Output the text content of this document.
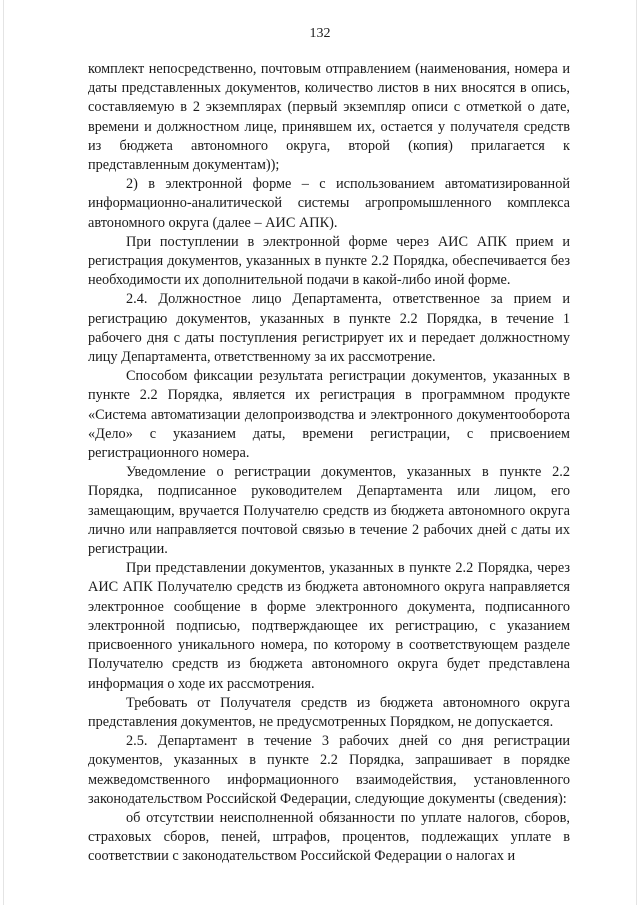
132

комплект непосредственно, почтовым отправлением (наименования, номера и даты представленных документов, количество листов в них вносятся в опись, составляемую в 2 экземплярах (первый экземпляр описи с отметкой о дате, времени и должностном лице, принявшем их, остается у получателя средств из бюджета автономного округа, второй (копия) прилагается к представленным документам));

2) в электронной форме – с использованием автоматизированной информационно-аналитической системы агропромышленного комплекса автономного округа (далее – АИС АПК).

При поступлении в электронной форме через АИС АПК прием и регистрация документов, указанных в пункте 2.2 Порядка, обеспечивается без необходимости их дополнительной подачи в какой-либо иной форме.

2.4. Должностное лицо Департамента, ответственное за прием и регистрацию документов, указанных в пункте 2.2 Порядка, в течение 1 рабочего дня с даты поступления регистрирует их и передает должностному лицу Департамента, ответственному за их рассмотрение.

Способом фиксации результата регистрации документов, указанных в пункте 2.2 Порядка, является их регистрация в программном продукте «Система автоматизации делопроизводства и электронного документооборота «Дело» с указанием даты, времени регистрации, с присвоением регистрационного номера.

Уведомление о регистрации документов, указанных в пункте 2.2 Порядка, подписанное руководителем Департамента или лицом, его замещающим, вручается Получателю средств из бюджета автономного округа лично или направляется почтовой связью в течение 2 рабочих дней с даты их регистрации.

При представлении документов, указанных в пункте 2.2 Порядка, через АИС АПК Получателю средств из бюджета автономного округа направляется электронное сообщение в форме электронного документа, подписанного электронной подписью, подтверждающее их регистрацию, с указанием присвоенного уникального номера, по которому в соответствующем разделе Получателю средств из бюджета автономного округа будет представлена информация о ходе их рассмотрения.

Требовать от Получателя средств из бюджета автономного округа представления документов, не предусмотренных Порядком, не допускается.

2.5. Департамент в течение 3 рабочих дней со дня регистрации документов, указанных в пункте 2.2 Порядка, запрашивает в порядке межведомственного информационного взаимодействия, установленного законодательством Российской Федерации, следующие документы (сведения):

об отсутствии неисполненной обязанности по уплате налогов, сборов, страховых сборов, пеней, штрафов, процентов, подлежащих уплате в соответствии с законодательством Российской Федерации о налогах и
